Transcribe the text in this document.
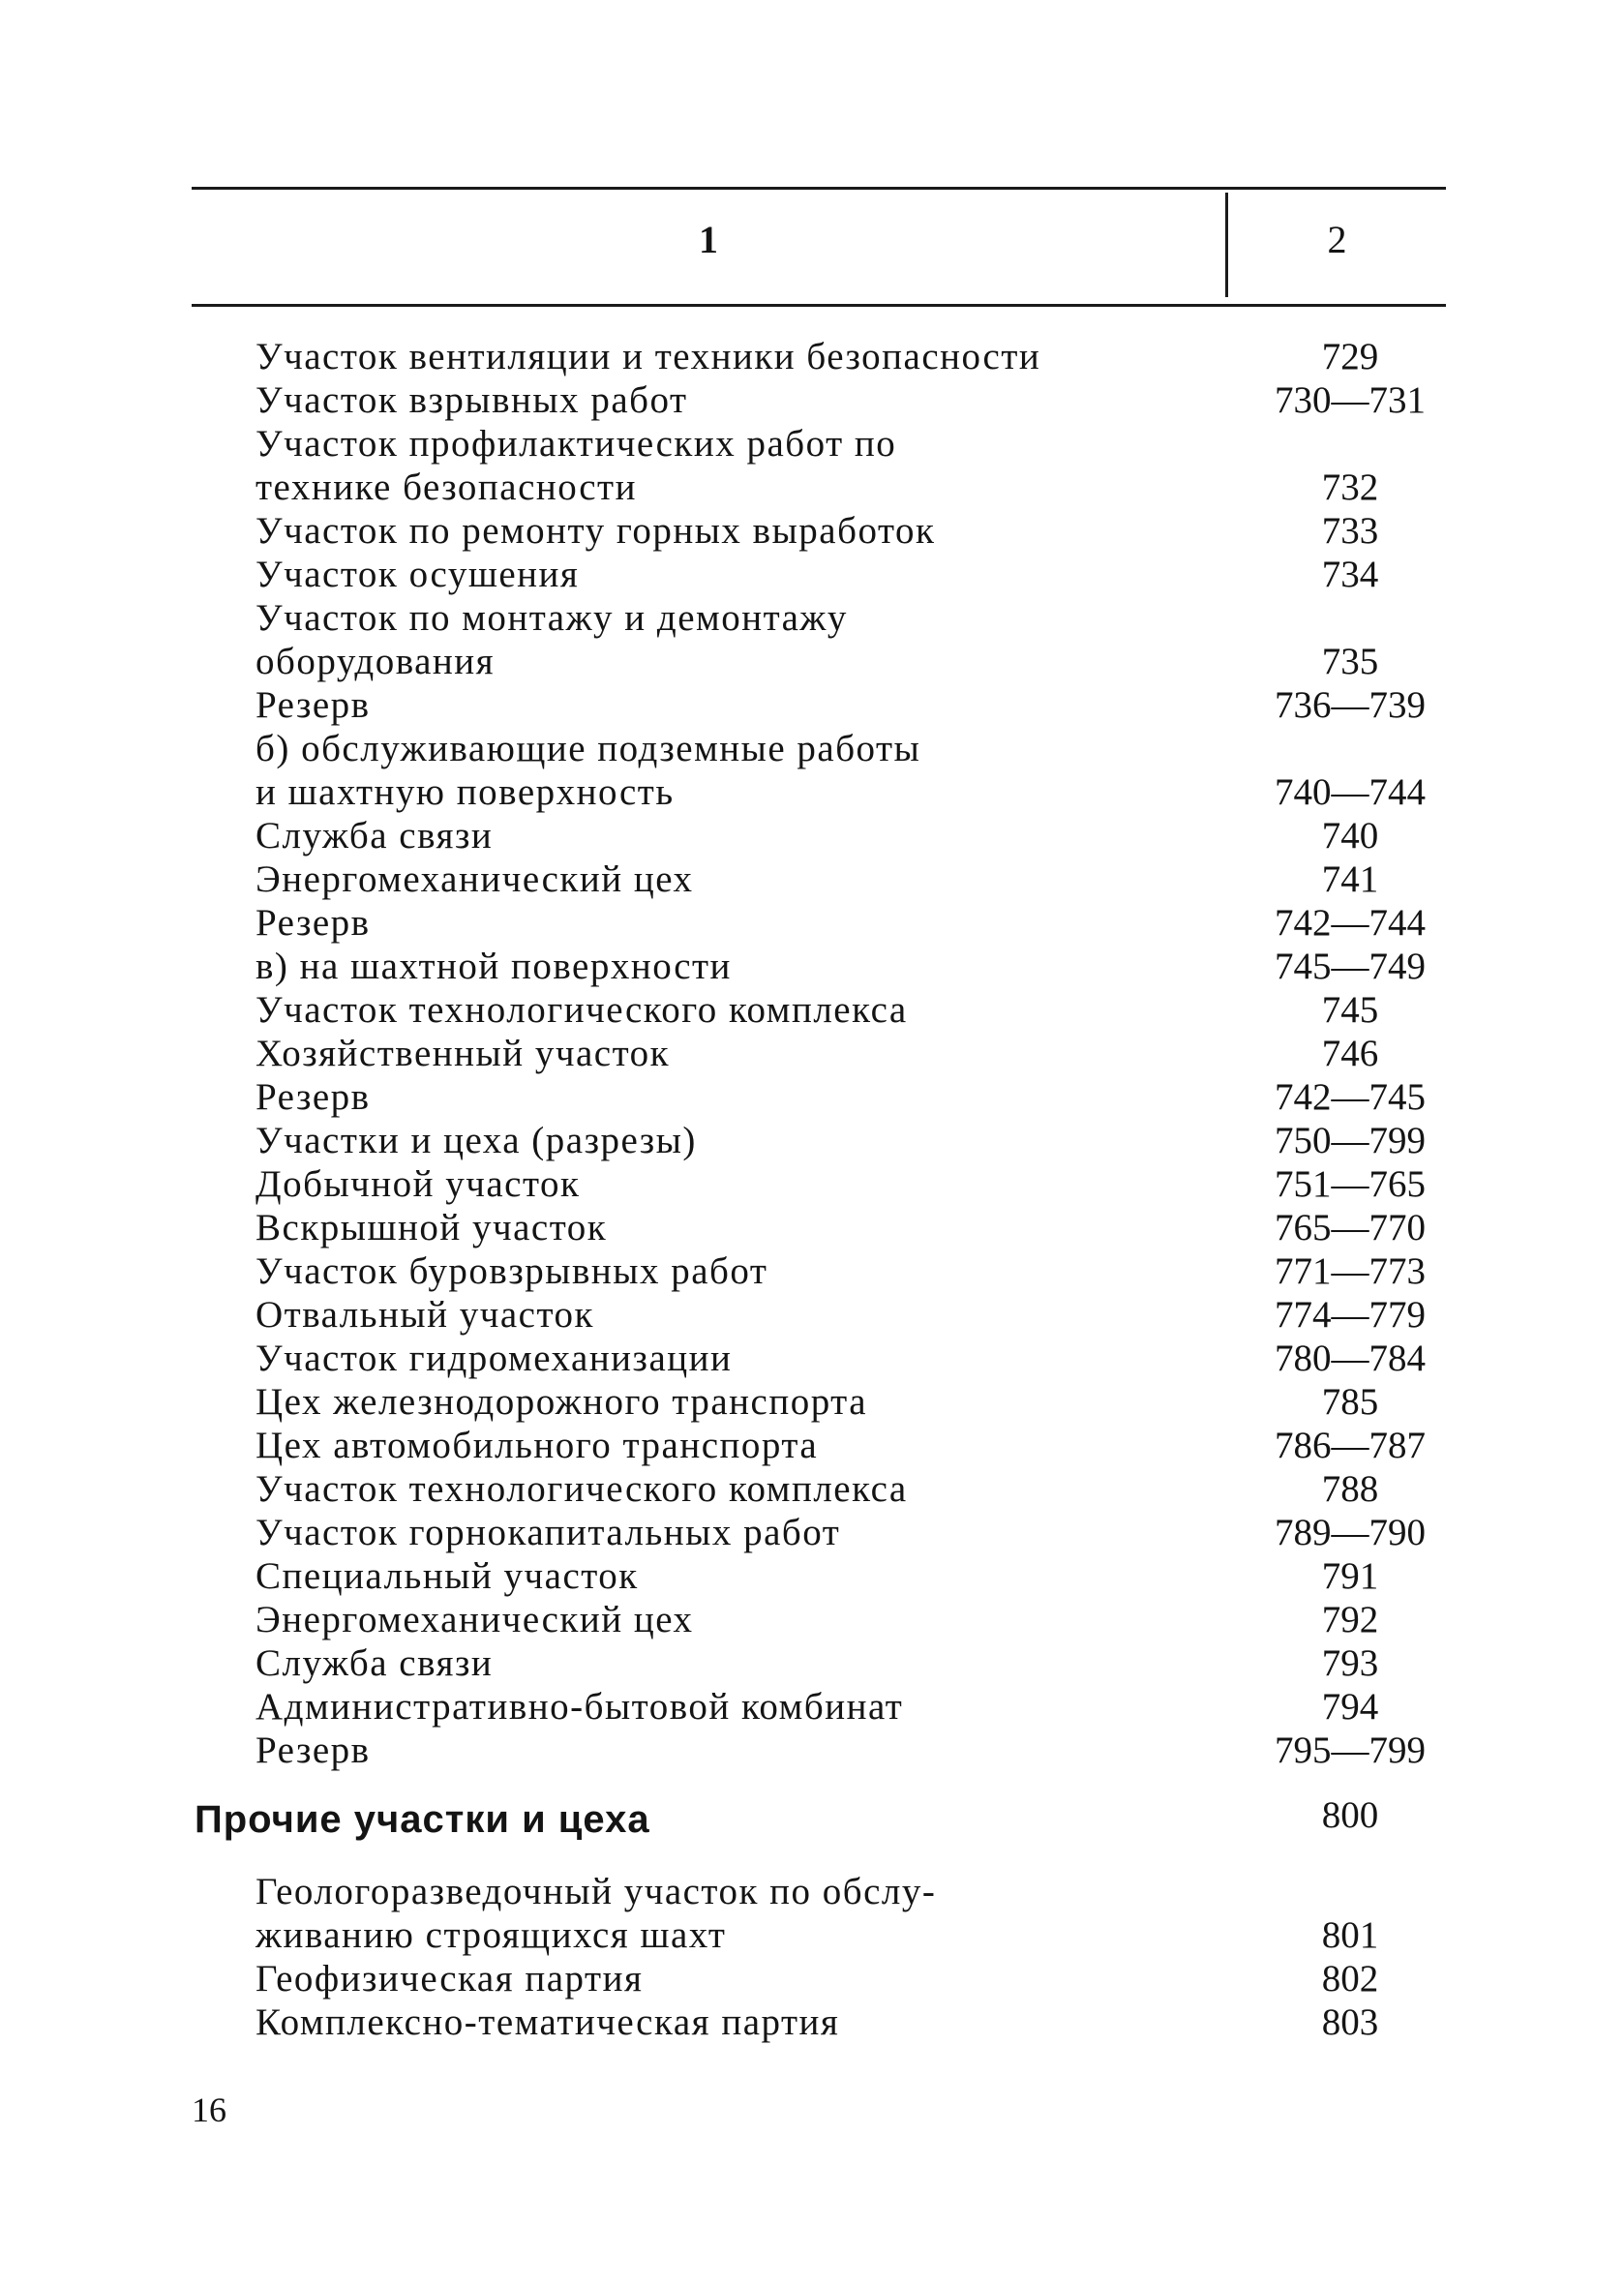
1	2
Участок вентиляции и техники безопасности	729
Участок взрывных работ	730—731
Участок профилактических работ по
технике безопасности	732
Участок по ремонту горных выработок	733
Участок осушения	734
Участок по монтажу и демонтажу
оборудования	735
Резерв	736—739
б) обслуживающие подземные работы
и шахтную поверхность	740—744
Служба связи	740
Энергомеханический цех	741
Резерв	742—744
в) на шахтной поверхности	745—749
Участок технологического комплекса	745
Хозяйственный участок	746
Резерв	742—745
Участки и цеха (разрезы)	750—799
Добычной участок	751—765
Вскрышной участок	765—770
Участок буровзрывных работ	771—773
Отвальный участок	774—779
Участок гидромеханизации	780—784
Цех железнодорожного транспорта	785
Цех автомобильного транспорта	786—787
Участок технологического комплекса	788
Участок горнокапитальных работ	789—790
Специальный участок	791
Энергомеханический цех	792
Служба связи	793
Административно-бытовой комбинат	794
Резерв	795—799
Прочие участки и цеха	800
Геологоразведочный участок по обслу-
живанию строящихся шахт	801
Геофизическая партия	802
Комплексно-тематическая партия	803
16
